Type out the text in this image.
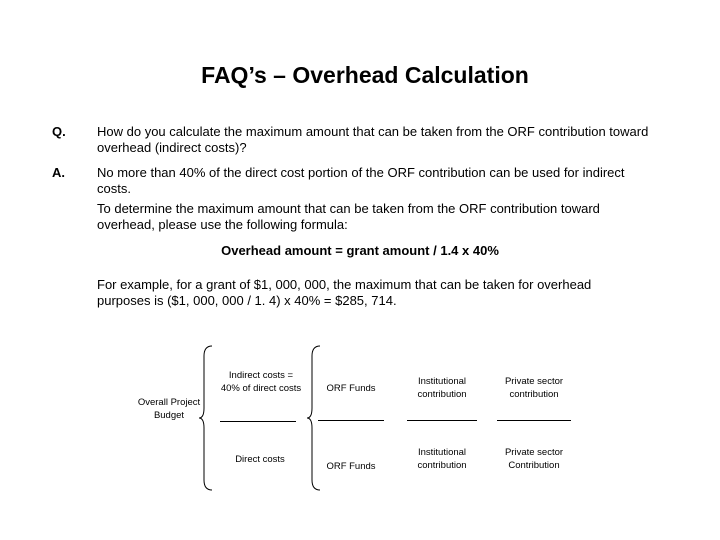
FAQ’s – Overhead Calculation
Q. How do you calculate the maximum amount that can be taken from the ORF contribution toward overhead (indirect costs)?
A. No more than 40% of the direct cost portion of the ORF contribution can be used for indirect costs.
To determine the maximum amount that can be taken from the ORF contribution toward overhead, please use the following formula:
Overhead amount = grant amount / 1.4 x 40%
For example, for a grant of $1, 000, 000, the maximum that can be taken for overhead purposes is ($1, 000, 000 / 1. 4) x 40% = $285, 714.
Overall Project Budget
Indirect costs = 40% of direct costs
Direct costs
ORF Funds
Institutional contribution
Private sector contribution
ORF Funds
Institutional contribution
Private sector Contribution
